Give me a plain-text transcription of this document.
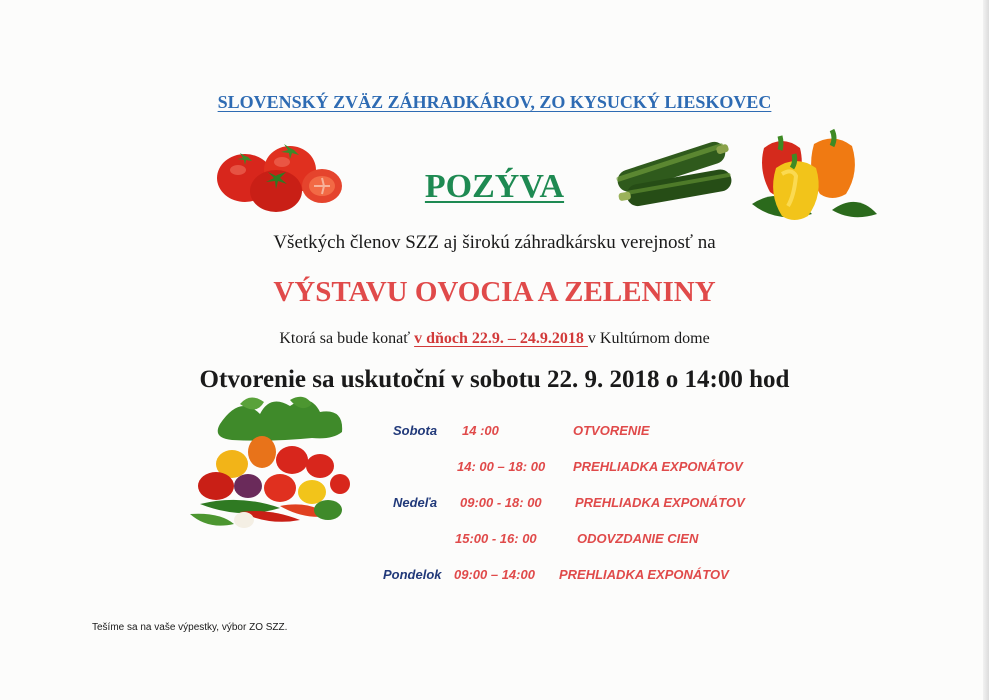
SLOVENSKÝ ZVÄZ ZÁHRADKÁROV, ZO KYSUCKÝ LIESKOVEC
POZÝVA
Všetkých členov SZZ aj širokú záhradkársku verejnosť na
VÝSTAVU OVOCIA A ZELENINY
Ktorá sa bude konať v dňoch 22.9. – 24.9.2018 v Kultúrnom dome
Otvorenie sa uskutoční v sobotu 22. 9. 2018 o 14:00 hod
Sobota 14 :00	OTVORENIE
14: 00 – 18: 00 PREHLIADKA EXPONÁTOV
Nedeľa 09:00 - 18: 00	PREHLIADKA EXPONÁTOV
15:00 - 16: 00	ODOVZDANIE CIEN
Pondelok 09:00 – 14:00 PREHLIADKA EXPONÁTOV
Tešíme sa na vaše výpestky, výbor ZO SZZ.
